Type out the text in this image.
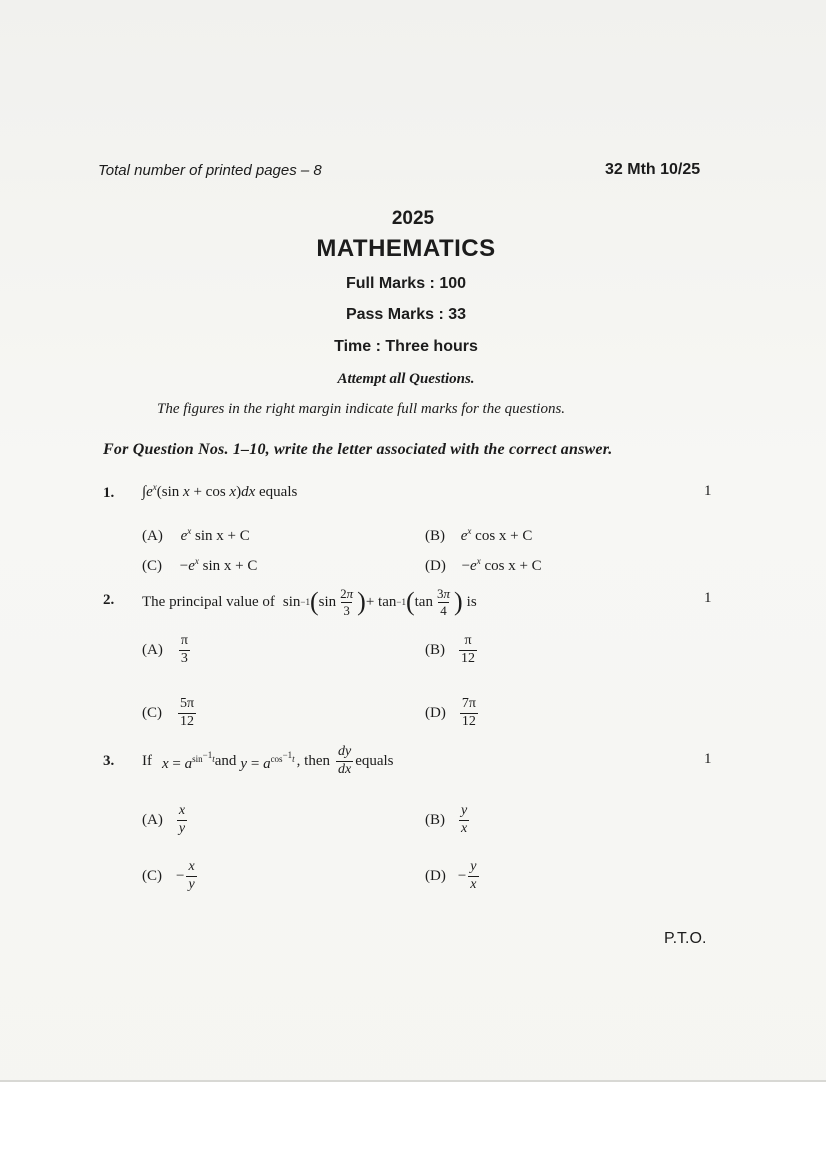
Total number of printed pages – 8	32 Mth 10/25
2025
MATHEMATICS
Full Marks : 100
Pass Marks : 33
Time : Three hours
Attempt all Questions.
The figures in the right margin indicate full marks for the questions.
For Question Nos. 1–10, write the letter associated with the correct answer.
1. $\int e^x(\sin$ x + cos x)dx equals	1
(A) $e^x$ sin x + C	(B) $e^x$ cos x + C
$(C) -e^x$ sin x + C	$(D) -e^x$ cos x + C
2. The principal value of sin −1 ( $\sin \frac{2\pi}{3}$ ) + tan −1 ( $\tan \frac{3\pi}{4}$ ) is	1
$(A) \frac{\pi}{3}$	$(B) \frac{\pi}{12}$
$(C) \frac{5\pi}{12}$	$(D) \frac{7\pi}{12}$
3. If $x = a^{sin^{-1}t}$ and $y = a^{cos^{-1}t}$ , then $\frac{dy}{dx}$ equals	1
$(A) \frac{x}{y}$	$(B) \frac{y}{x}$
$(C) - \frac{x}{y}$	$(D) - \frac{y}{x}$
P.T.O.
